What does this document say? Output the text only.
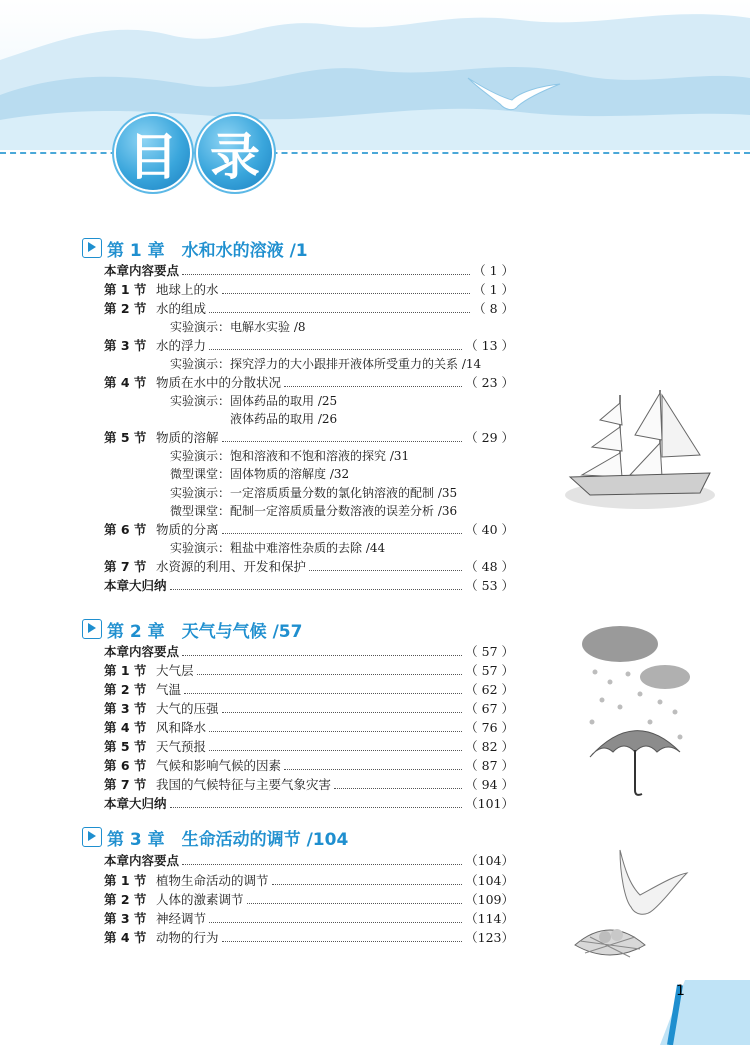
目 录
第 1 章　水和水的溶液 /1
本章内容要点	（ 1 ）
第 1 节 地球上的水	（ 1 ）
第 2 节 水的组成	（ 8 ）
实验演示：电解水实验 /8
第 3 节 水的浮力	（ 13 ）
实验演示：探究浮力的大小跟排开液体所受重力的关系 /14
第 4 节 物质在水中的分散状况	（ 23 ）
实验演示：固体药品的取用 /25
　　　　　液体药品的取用 /26
第 5 节 物质的溶解	（ 29 ）
实验演示：饱和溶液和不饱和溶液的探究 /31
微型课堂：固体物质的溶解度 /32
实验演示：一定溶质质量分数的氯化钠溶液的配制 /35
微型课堂：配制一定溶质质量分数溶液的误差分析 /36
第 6 节 物质的分离	（ 40 ）
实验演示：粗盐中难溶性杂质的去除 /44
第 7 节 水资源的利用、开发和保护	（ 48 ）
本章大归纳	（ 53 ）
第 2 章　天气与气候 /57
本章内容要点	（ 57 ）
第 1 节 大气层	（ 57 ）
第 2 节 气温	（ 62 ）
第 3 节 大气的压强	（ 67 ）
第 4 节 风和降水	（ 76 ）
第 5 节 天气预报	（ 82 ）
第 6 节 气候和影响气候的因素	（ 87 ）
第 7 节 我国的气候特征与主要气象灾害	（ 94 ）
本章大归纳	（101）
第 3 章　生命活动的调节 /104
本章内容要点	（104）
第 1 节 植物生命活动的调节	（104）
第 2 节 人体的激素调节	（109）
第 3 节 神经调节	（114）
第 4 节 动物的行为	（123）
1
